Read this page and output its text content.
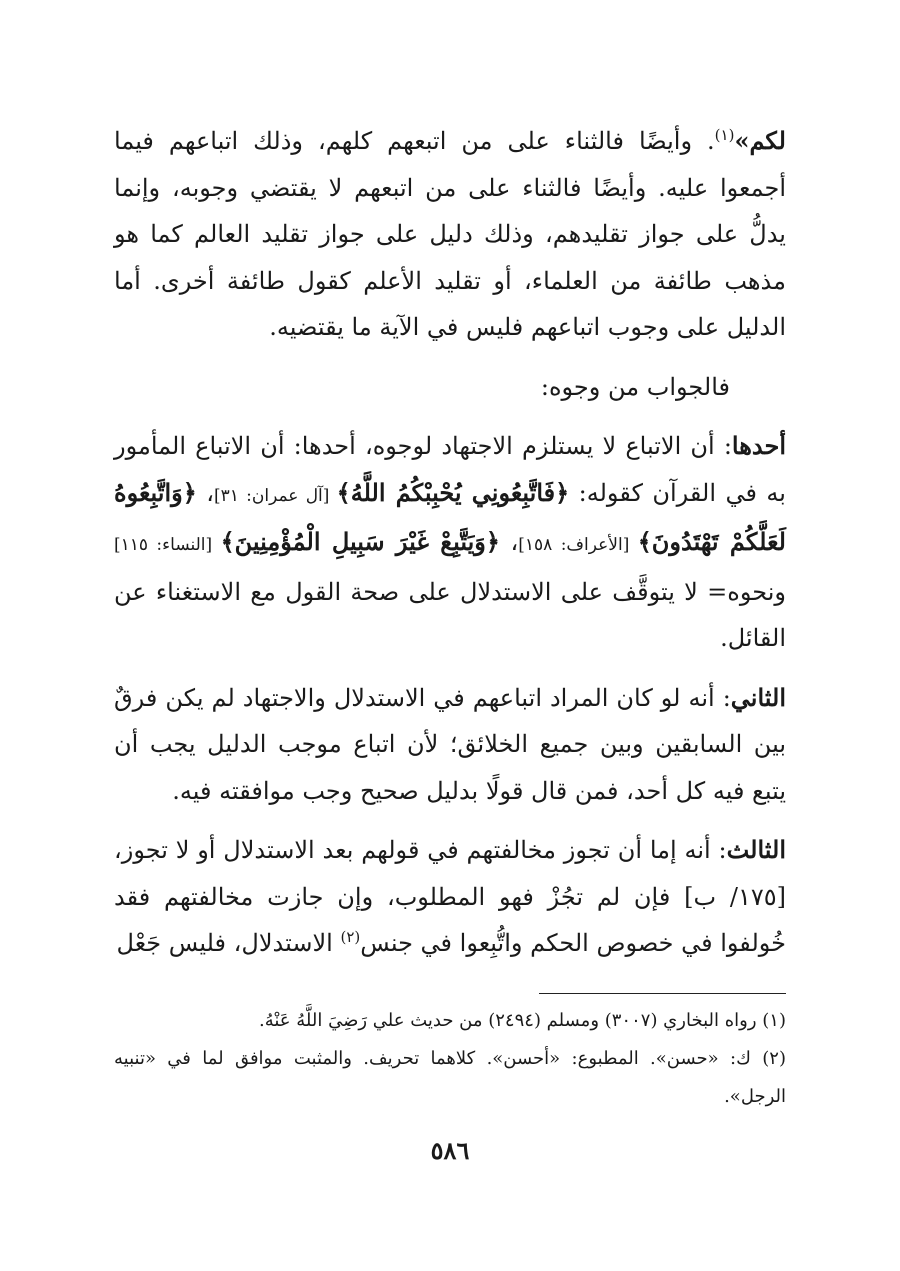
لكم»$^{(١)}$. وأيضًا فالثناء على من اتبعهم كلهم، وذلك اتباعهم فيما أجمعوا عليه. وأيضًا فالثناء على من اتبعهم لا يقتضي وجوبه، وإنما يدلُّ على جواز تقليدهم، وذلك دليل على جواز تقليد العالم كما هو مذهب طائفة من العلماء، أو تقليد الأعلم كقول طائفة أخرى. أما الدليل على وجوب اتباعهم فليس في الآية ما يقتضيه.

فالجواب من وجوه:

أحدها: أن الاتباع لا يستلزم الاجتهاد لوجوه، أحدها: أن الاتباع المأمور به في القرآن كقوله: ﴿فَاتَّبِعُونِي يُحْبِبْكُمُ اللَّهُ﴾ [آل عمران: ٣١]، ﴿وَاتَّبِعُوهُ لَعَلَّكُمْ تَهْتَدُونَ﴾ [الأعراف: ١٥٨]، ﴿وَيَتَّبِعْ غَيْرَ سَبِيلِ الْمُؤْمِنِينَ﴾ [النساء: ١١٥] ونحوه= لا يتوقَّف على الاستدلال على صحة القول مع الاستغناء عن القائل.

الثاني: أنه لو كان المراد اتباعهم في الاستدلال والاجتهاد لم يكن فرقٌ بين السابقين وبين جميع الخلائق؛ لأن اتباع موجب الدليل يجب أن يتبع فيه كل أحد، فمن قال قولًا بدليل صحيح وجب موافقته فيه.

الثالث: أنه إما أن تجوز مخالفتهم في قولهم بعد الاستدلال أو لا تجوز، [١٧٥/ ب] فإن لم تجُزْ فهو المطلوب، وإن جازت مخالفتهم فقد خُولفوا في خصوص الحكم واتُّبِعوا في جنس$^{(٢)}$ الاستدلال، فليس جَعْل

(١) رواه البخاري (٣٠٠٧) ومسلم (٢٤٩٤) من حديث علي رَضِيَ اللَّهُ عَنْهُ.

(٢) ك: «حسن». المطبوع: «أحسن». كلاهما تحريف. والمثبت موافق لما في «تنبيه الرجل».

٥٨٦
